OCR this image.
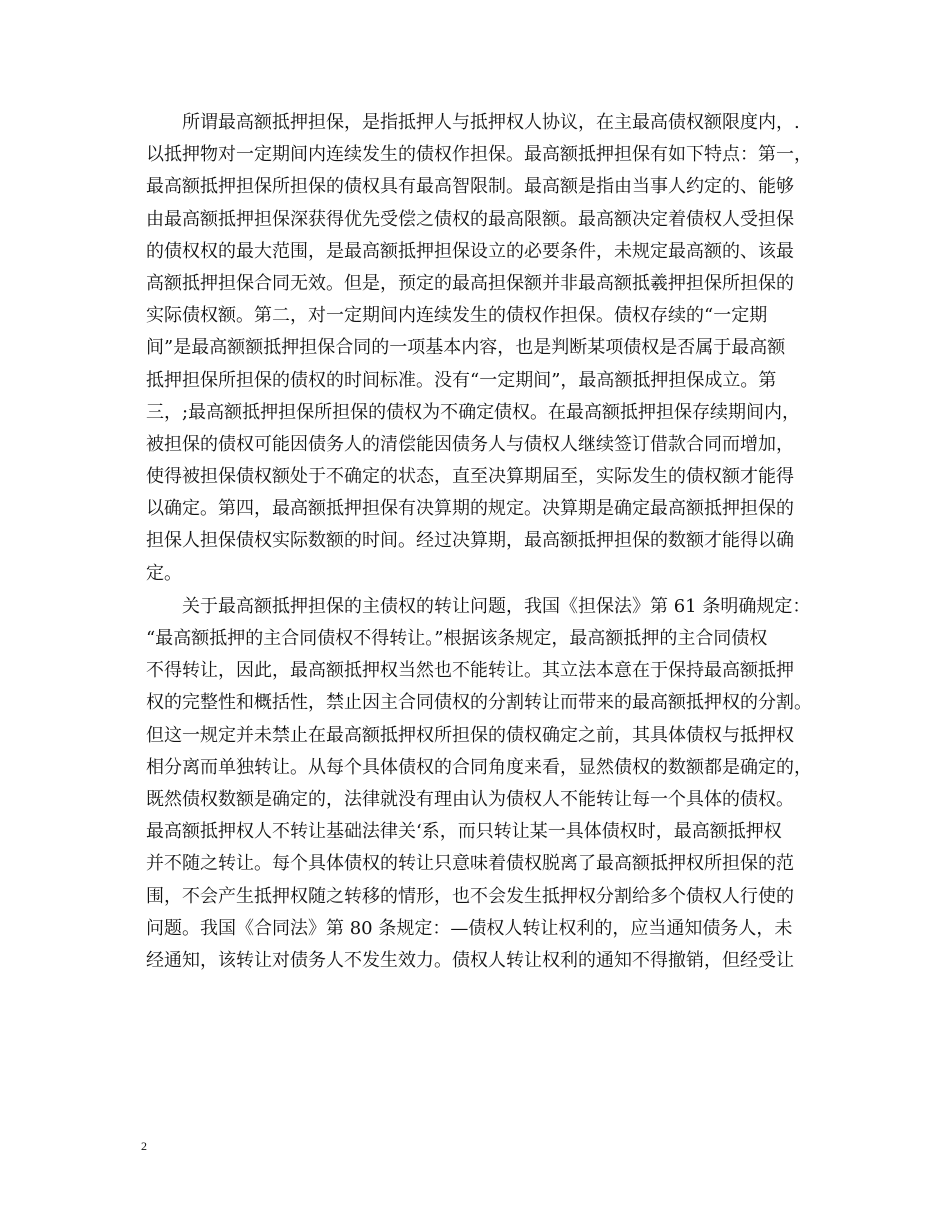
所谓最高额抵押担保，是指抵押人与抵押权人协议，在主最高债权额限度内，.
以抵押物对一定期间内连续发生的债权作担保。最高额抵押担保有如下特点：第一，
最高额抵押担保所担保的债权具有最高智限制。最高额是指由当事人约定的、能够
由最高额抵押担保深获得优先受偿之债权的最高限额。最高额决定着债权人受担保
的债权权的最大范围，是最高额抵押担保设立的必要条件，未规定最高额的、该最
高额抵押担保合同无效。但是，预定的最高担保额并非最高额抵羲押担保所担保的
实际债权额。第二，对一定期间内连续发生的债权作担保。债权存续的“一定期
间”是最高额额抵押担保合同的一项基本内容，也是判断某项债权是否属于最高额
抵押担保所担保的债权的时间标准。没有“一定期间”，最高额抵押担保成立。第
三，;最高额抵押担保所担保的债权为不确定债权。在最高额抵押担保存续期间内，
被担保的债权可能因债务人的清偿能因债务人与债权人继续签订借款合同而增加，
使得被担保债权额处于不确定的状态，直至决算期届至，实际发生的债权额才能得
以确定。第四，最高额抵押担保有决算期的规定。决算期是确定最高额抵押担保的
担保人担保债权实际数额的时间。经过决算期，最高额抵押担保的数额才能得以确
定。
关于最高额抵押担保的主债权的转让问题，我国《担保法》第 61 条明确规定：
“最高额抵押的主合同债权不得转让。”根据该条规定，最高额抵押的主合同债权
不得转让，因此，最高额抵押权当然也不能转让。其立法本意在于保持最高额抵押
权的完整性和概括性，禁止因主合同债权的分割转让而带来的最高额抵押权的分割。
但这一规定并未禁止在最高额抵押权所担保的债权确定之前，其具体债权与抵押权
相分离而单独转让。从每个具体债权的合同角度来看，显然债权的数额都是确定的，
既然债权数额是确定的，法律就没有理由认为债权人不能转让每一个具体的债权。
最高额抵押权人不转让基础法律关‘系，而只转让某一具体债权时，最高额抵押权
并不随之转让。每个具体债权的转让只意味着债权脱离了最高额抵押权所担保的范
围，不会产生抵押权随之转移的情形，也不会发生抵押权分割给多个债权人行使的
问题。我国《合同法》第 80 条规定：—债权人转让权利的，应当通知债务人，未
经通知，该转让对债务人不发生效力。债权人转让权利的通知不得撤销，但经受让
2
